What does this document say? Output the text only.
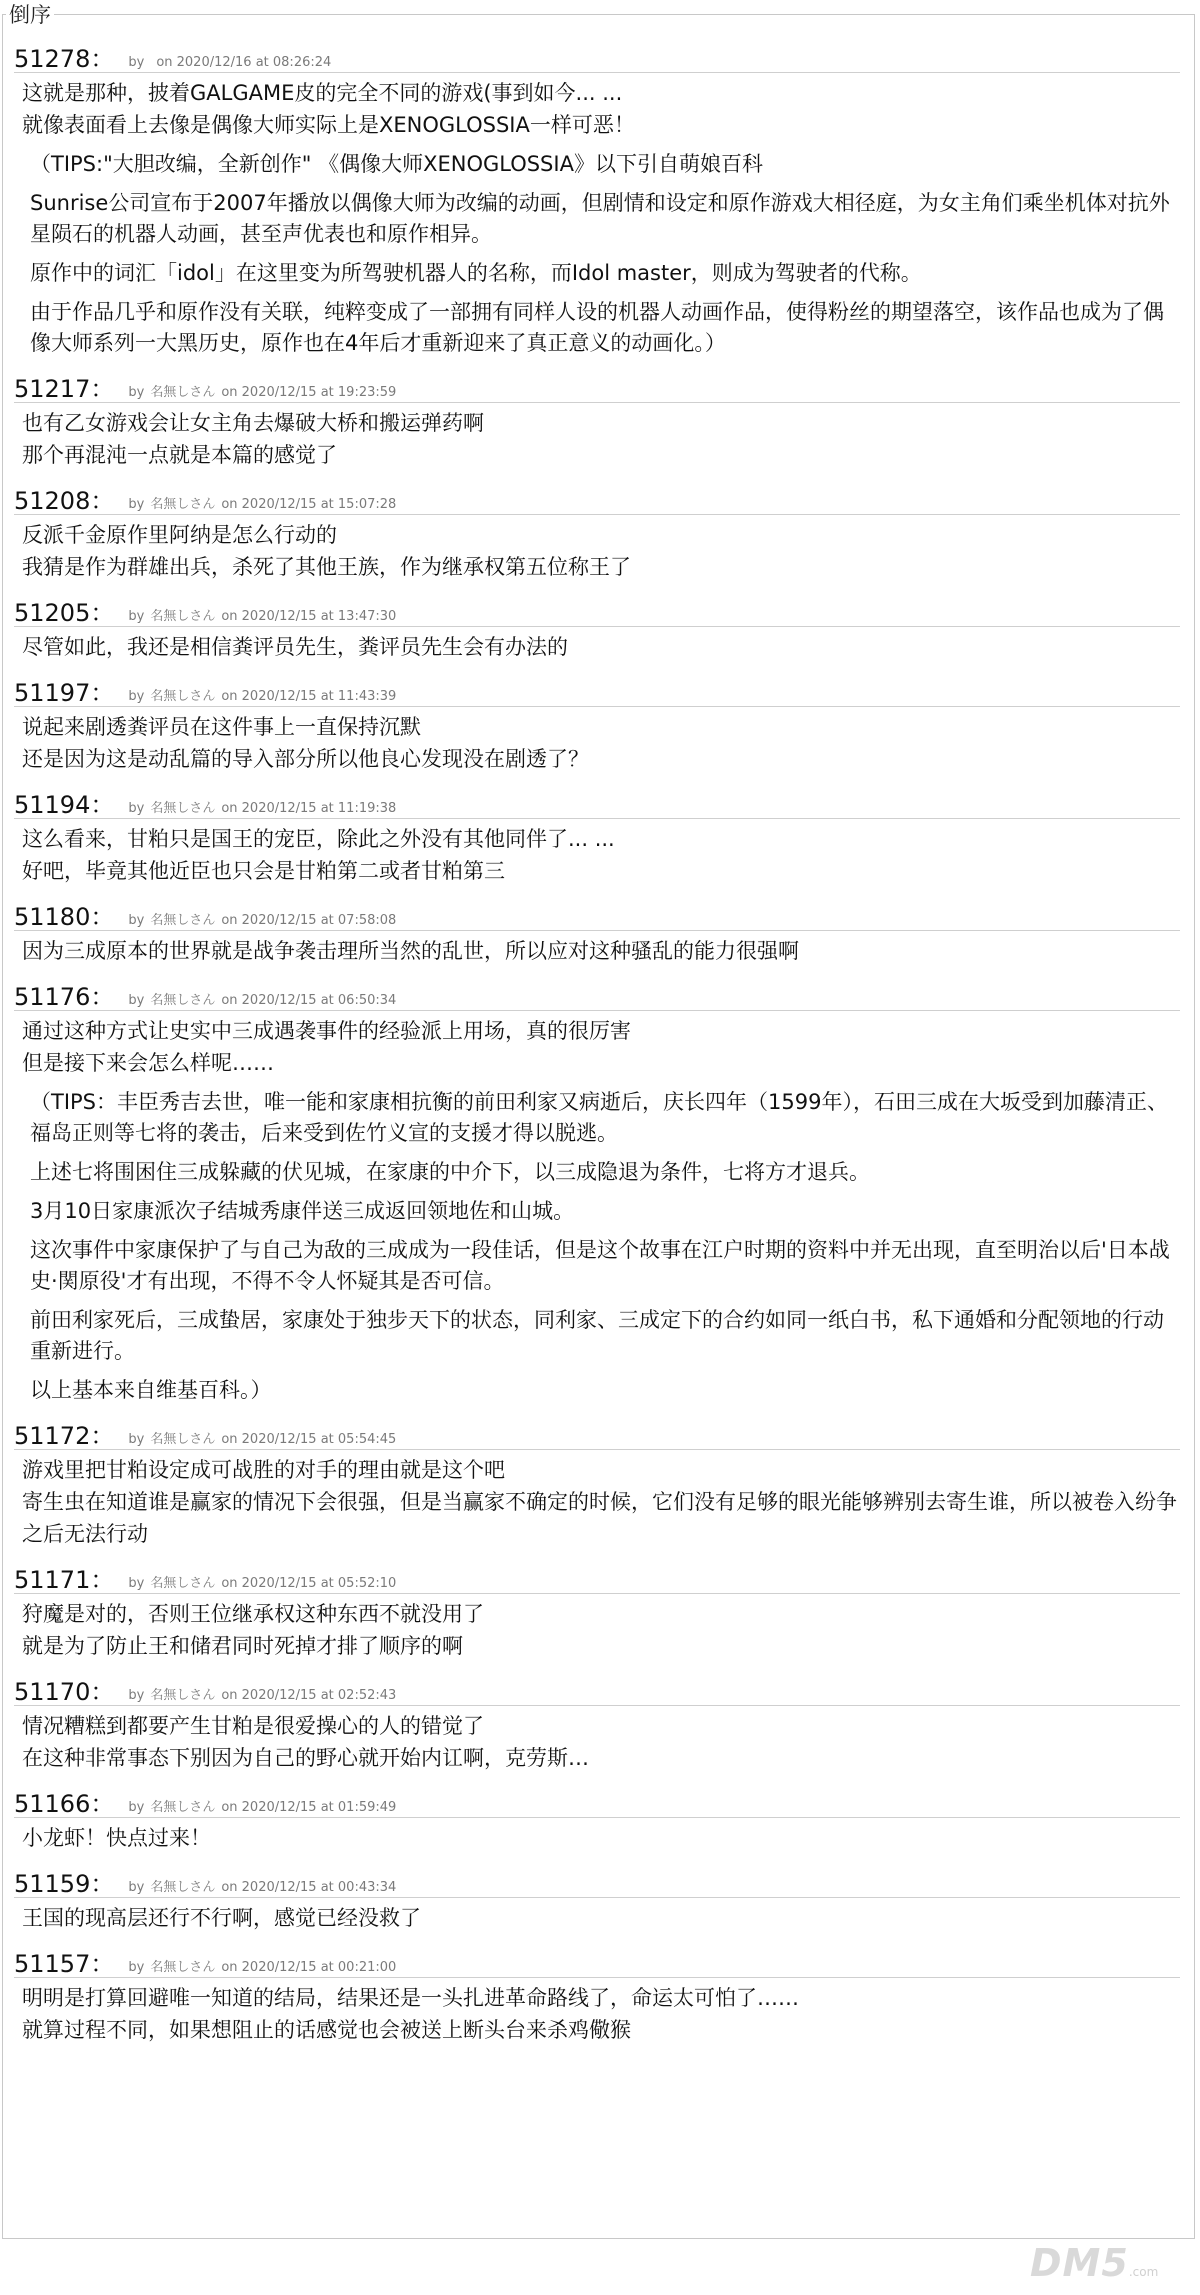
倒序
51278： by on 2020/12/16 at 08:26:24
这就是那种，披着GALGAME皮的完全不同的游戏(事到如今... ...
就像表面看上去像是偶像大师实际上是XENOGLOSSIA一样可恶！
（TIPS:"大胆改编，全新创作" 《偶像大师XENOGLOSSIA》以下引自萌娘百科
Sunrise公司宣布于2007年播放以偶像大师为改编的动画，但剧情和设定和原作游戏大相径庭，为女主角们乘坐机体对抗外星陨石的机器人动画，甚至声优表也和原作相异。
原作中的词汇「idol」在这里变为所驾驶机器人的名称，而Idol master，则成为驾驶者的代称。
由于作品几乎和原作没有关联，纯粹变成了一部拥有同样人设的机器人动画作品，使得粉丝的期望落空，该作品也成为了偶像大师系列一大黑历史，原作也在4年后才重新迎来了真正意义的动画化。）
51217： by 名無しさん on 2020/12/15 at 19:23:59
也有乙女游戏会让女主角去爆破大桥和搬运弹药啊
那个再混沌一点就是本篇的感觉了
51208： by 名無しさん on 2020/12/15 at 15:07:28
反派千金原作里阿纳是怎么行动的
我猜是作为群雄出兵，杀死了其他王族，作为继承权第五位称王了
51205： by 名無しさん on 2020/12/15 at 13:47:30
尽管如此，我还是相信粪评员先生，粪评员先生会有办法的
51197： by 名無しさん on 2020/12/15 at 11:43:39
说起来剧透粪评员在这件事上一直保持沉默
还是因为这是动乱篇的导入部分所以他良心发现没在剧透了？
51194： by 名無しさん on 2020/12/15 at 11:19:38
这么看来，甘粕只是国王的宠臣，除此之外没有其他同伴了... ...
好吧，毕竟其他近臣也只会是甘粕第二或者甘粕第三
51180： by 名無しさん on 2020/12/15 at 07:58:08
因为三成原本的世界就是战争袭击理所当然的乱世，所以应对这种骚乱的能力很强啊
51176： by 名無しさん on 2020/12/15 at 06:50:34
通过这种方式让史实中三成遇袭事件的经验派上用场，真的很厉害
但是接下来会怎么样呢……
（TIPS：丰臣秀吉去世，唯一能和家康相抗衡的前田利家又病逝后，庆长四年（1599年），石田三成在大坂受到加藤清正、福岛正则等七将的袭击，后来受到佐竹义宣的支援才得以脱逃。
上述七将围困住三成躲藏的伏见城，在家康的中介下，以三成隐退为条件，七将方才退兵。
3月10日家康派次子结城秀康伴送三成返回领地佐和山城。
这次事件中家康保护了与自己为敌的三成成为一段佳话，但是这个故事在江户时期的资料中并无出现，直至明治以后'日本战史·関原役'才有出现，不得不令人怀疑其是否可信。
前田利家死后，三成蛰居，家康处于独步天下的状态，同利家、三成定下的合约如同一纸白书，私下通婚和分配领地的行动重新进行。
以上基本来自维基百科。）
51172： by 名無しさん on 2020/12/15 at 05:54:45
游戏里把甘粕设定成可战胜的对手的理由就是这个吧
寄生虫在知道谁是赢家的情况下会很强，但是当赢家不确定的时候，它们没有足够的眼光能够辨别去寄生谁，所以被卷入纷争之后无法行动
51171： by 名無しさん on 2020/12/15 at 05:52:10
狩魔是对的，否则王位继承权这种东西不就没用了
就是为了防止王和储君同时死掉才排了顺序的啊
51170： by 名無しさん on 2020/12/15 at 02:52:43
情况糟糕到都要产生甘粕是很爱操心的人的错觉了
在这种非常事态下别因为自己的野心就开始内讧啊，克劳斯…
51166： by 名無しさん on 2020/12/15 at 01:59:49
小龙虾！快点过来！
51159： by 名無しさん on 2020/12/15 at 00:43:34
王国的现高层还行不行啊，感觉已经没救了
51157： by 名無しさん on 2020/12/15 at 00:21:00
明明是打算回避唯一知道的结局，结果还是一头扎进革命路线了，命运太可怕了……
就算过程不同，如果想阻止的话感觉也会被送上断头台来杀鸡儆猴
DM5.com
